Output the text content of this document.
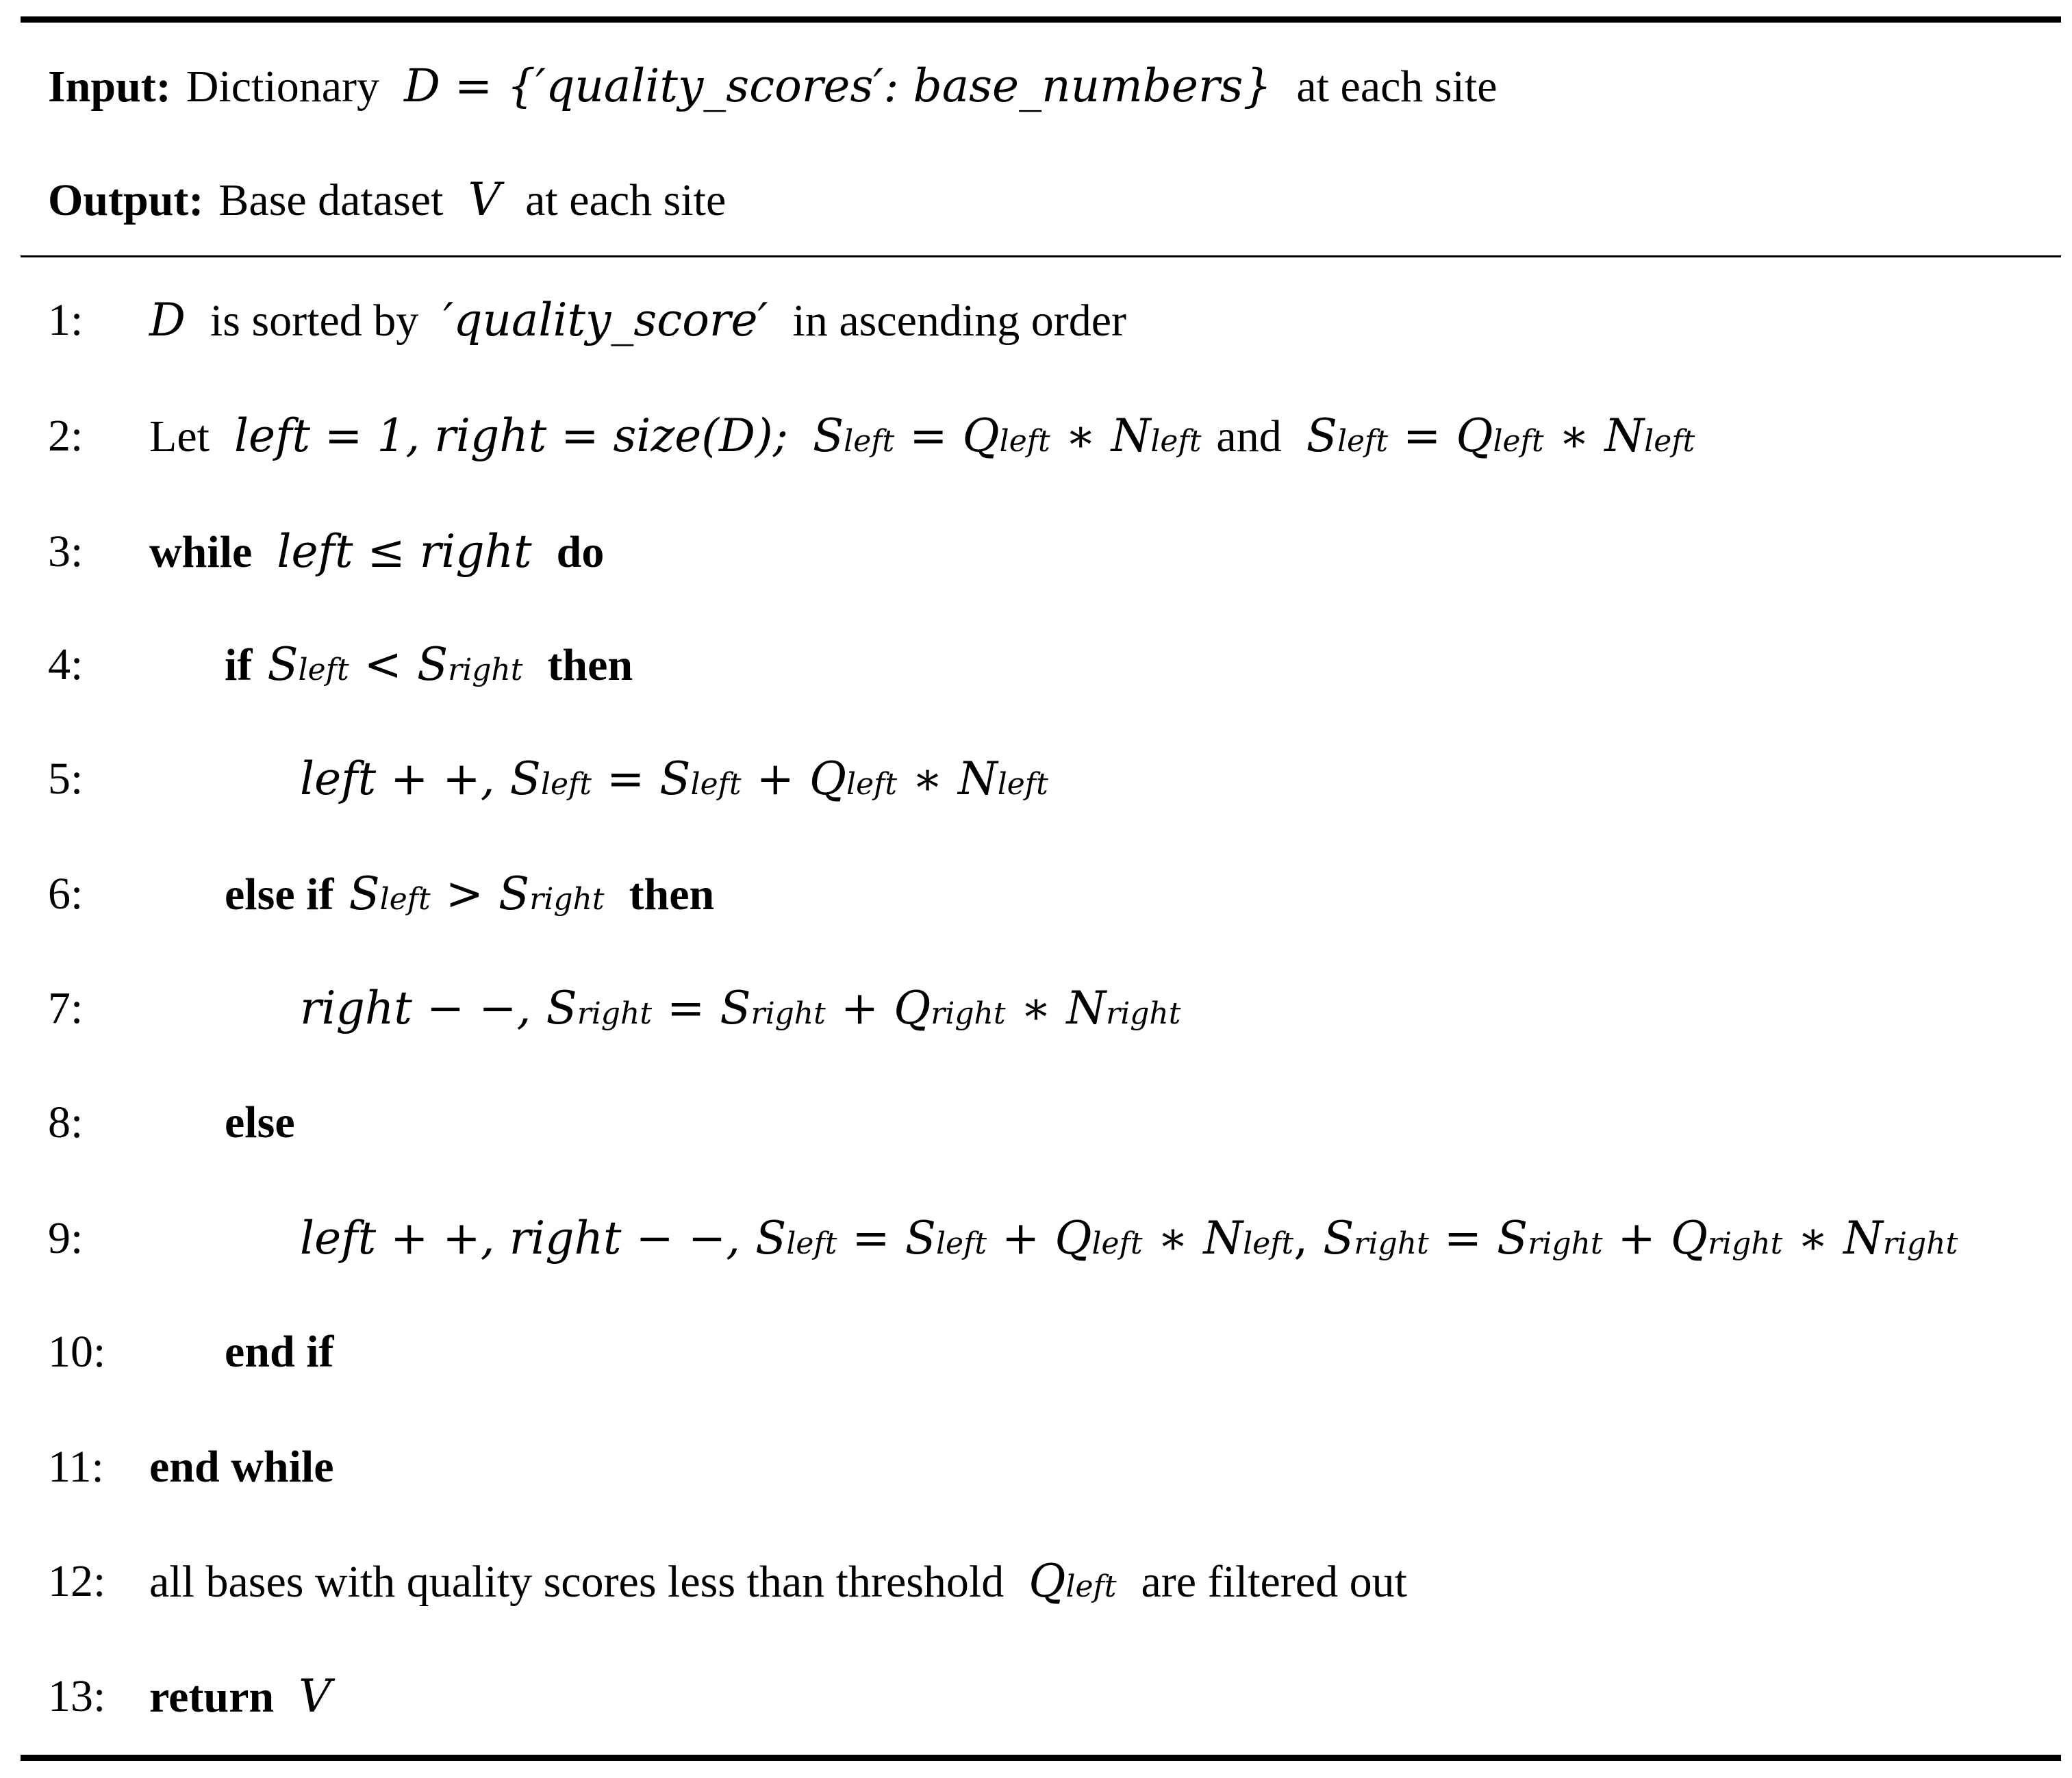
Input: Dictionary D = {′quality_scores′: base_numbers} at each site
Output: Base dataset V at each site
1:
2:
3:
4:
5:
6:
7:
8:
9:
10:
11:
12:
13:
D is sorted by ′quality_score′ in ascending order
Let left = 1, right = size(D); S left = Q left ∗ N left and S left = Q left ∗ N left
while left ≤ right do
if S left < S right then
left + +, S left = S left + Q left ∗ N left
else if S left > S right then
right − −, S right = S right + Q right ∗ N right
else
left + +, right − −, S left = S left + Q left ∗ N left , S right = S right + Q right ∗ N right
end if
end while
all bases with quality scores less than threshold Q left are filtered out
return V
